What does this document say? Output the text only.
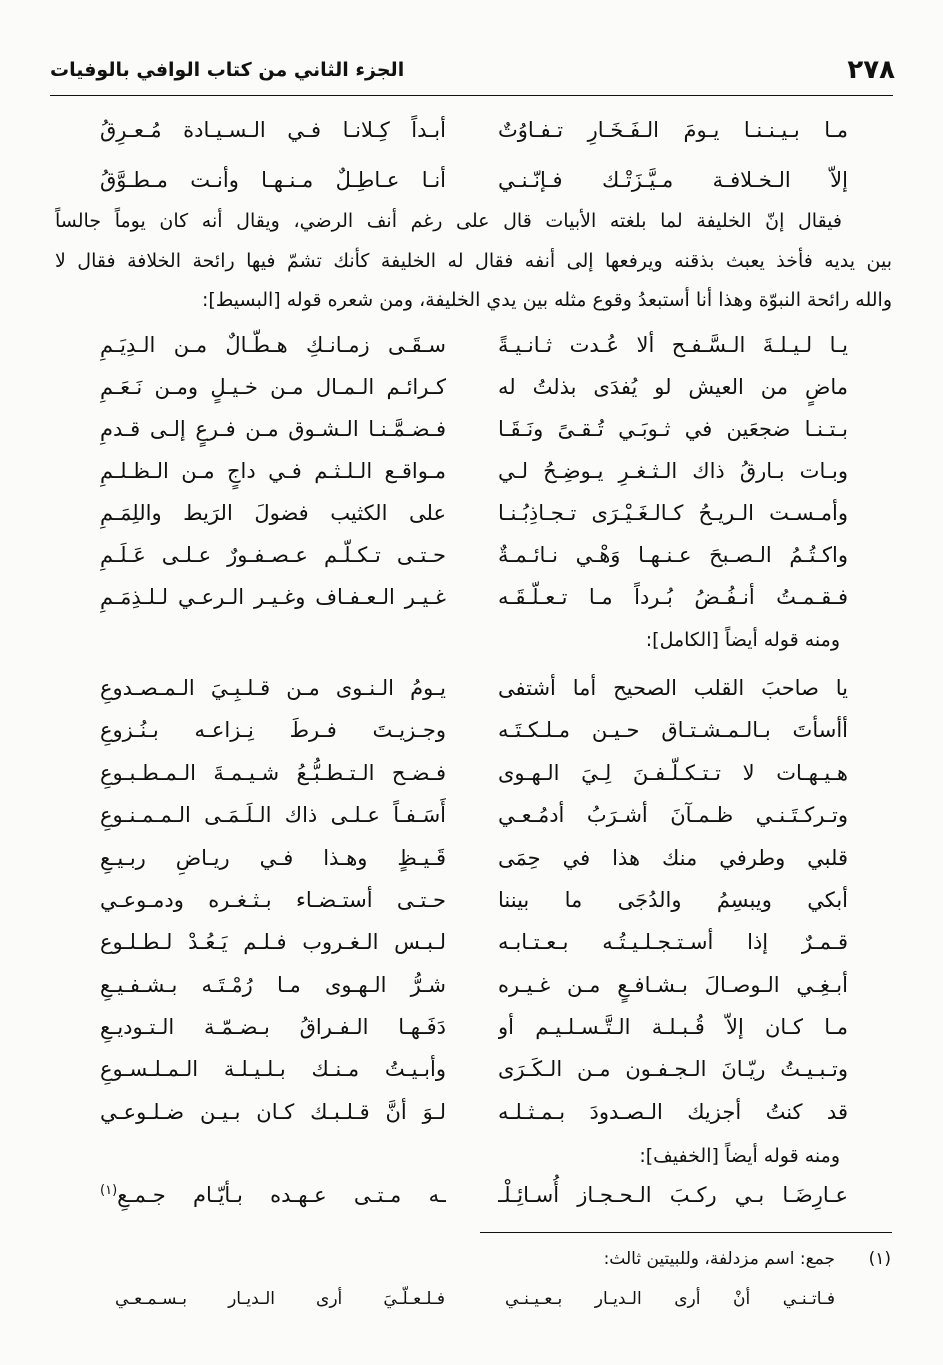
٢٧٨
الجزء الثاني من كتاب الوافي بالوفيات
مـا بـيـنـنـا يـومَ الـفَـخَـارِ تـفـاوُتٌ
أبـداً كِـلانـا فـي الـسـيـادة مُـعـرِقُ
إلاّ الـخـلافـة مـيَّـزَتْـك فـإنّـنـي
أنـا عـاطِـلٌ مـنـهـا وأنـت مـطـوَّقُ
فيقال إنّ الخليفة لما بلغته الأبيات قال على رغم أنف الرضي، ويقال أنه كان يوماً جالساً
بين يديه فأخذ يعبث بذقنه ويرفعها إلى أنفه فقال له الخليفة كأنك تشمّ فيها رائحة الخلافة فقال لا
والله رائحة النبوّة وهذا أنا أستبعدُ وقوع مثله بين يدي الخليفة، ومن شعره قوله [البسيط]:
يـا لـيـلـةَ الـسَّـفـح ألا عُـدت ثـانـيـةً
سـقَـى زمـانـكِ هـطّـالٌ مـن الـدِيَـمِ
ماضٍ من العيش لو يُفدَى بذلتُ له
كـرائـم الـمـال مـن خـيـلٍ ومـن نَـعَـمِ
بـتـنـا ضجعَين في ثـوبَـي تُـقـىً ونَـقَـا
فـضـمَّـنـا الـشـوق مـن فـرعٍ إلـى قـدمِ
وبـات بـارقُ ذاك الـثـغـرِ يـوضِـحُ لـي
مـواقـع الـلـثـم فـي داجٍ مـن الـظـلـمِ
وأمـسـت الـريـحُ كـالـغَـيْـرَى تـجـاذِبُـنـا
على الكثيب فضولَ الرَيط واللِمَـمِ
واكـتُـمُ الـصـبحَ عـنـهـا وَهْـي نـائـمـةٌ
حـتـى تـكـلّـم عـصـفـورٌ عـلـى عَـلَـمِ
فـقـمـتُ أنـفُـضُ بُـرداً مـا تـعـلّـقَـه
غـيـر الـعـفـاف وغـيـر الـرعـي لـلـذِمَـمِ
ومنه قوله أيضاً [الكامل]:
يا صاحبَ القلب الصحيح أما أشتفى
يـومُ الـنـوى مـن قـلـبِـيَ الـمـصـدوعِ
أأسأتَ بـالـمـشـتـاق حـيـن مـلـكـتَـه
وجـزيـتَ فـرطَ نِـزاعـه بـنُـزوعِ
هـيـهـات لا تـتـكـلّـفـنَ لِـيَ الـهـوى
فـضـح الـتـطـبُّـعُ شـيـمـةَ الـمـطـبـوعِ
وتـركـتَـنـي ظـمـآنَ أشـرَبُ أدمُـعـي
أَسَـفـاً عـلـى ذاك الـلَـمَـى الـمـمـنـوعِ
قلبي وطرفي منك هذا في حِمَى
قَـيـظٍ وهـذا فـي ريـاضِ ربـيـعِ
أبكي ويبسِمُ والدُجَى ما بيننا
حـتـى أستـضـاء بـثـغـره ودمـوعـي
قـمـرٌ إذا أسـتـجـلـيـتُـه بـعـتـابـه
لـبـس الـغـروب فـلـم يَـعُـدْ لـطـلـوع
أبـغِـي الـوصـالَ بـشـافـعٍ مـن غـيـره
شـرُّ الـهـوى مـا رُمْـتَـه بـشـفـيـعِ
مـا كـان إلاّ قُـبـلـة الـتَّـسـلـيـم أو
دَفَـهـا الـفـراقُ بـضـمّـة الـتـوديـعِ
وتـبـيـتُ ريّـانَ الـجـفـون مـن الـكَـرَى
وأبـيـتُ مـنـك بـلـيـلـة الـمـلـسـوعِ
قد كنتُ أجزيك الـصـدودَ بـمـثـلـه
لـوَ أنَّ قـلـبـك كـان بـيـن ضـلـوعـي
ومنه قوله أيضاً [الخفيف]:
عـارِضَـا بـي ركـبَ الـحـجـاز أُسـائِـلْـ
ـه مـتـى عـهـده بـأيّـام جـمـعِ$^{(١)}$
(١)
جمع: اسم مزدلفة، وللبيتين ثالث:
فـاتـنـي أنْ أرى الـديـار بـعـيـنـي
فـلـعـلّـيَ أرى الـديـار بـسـمـعـي
